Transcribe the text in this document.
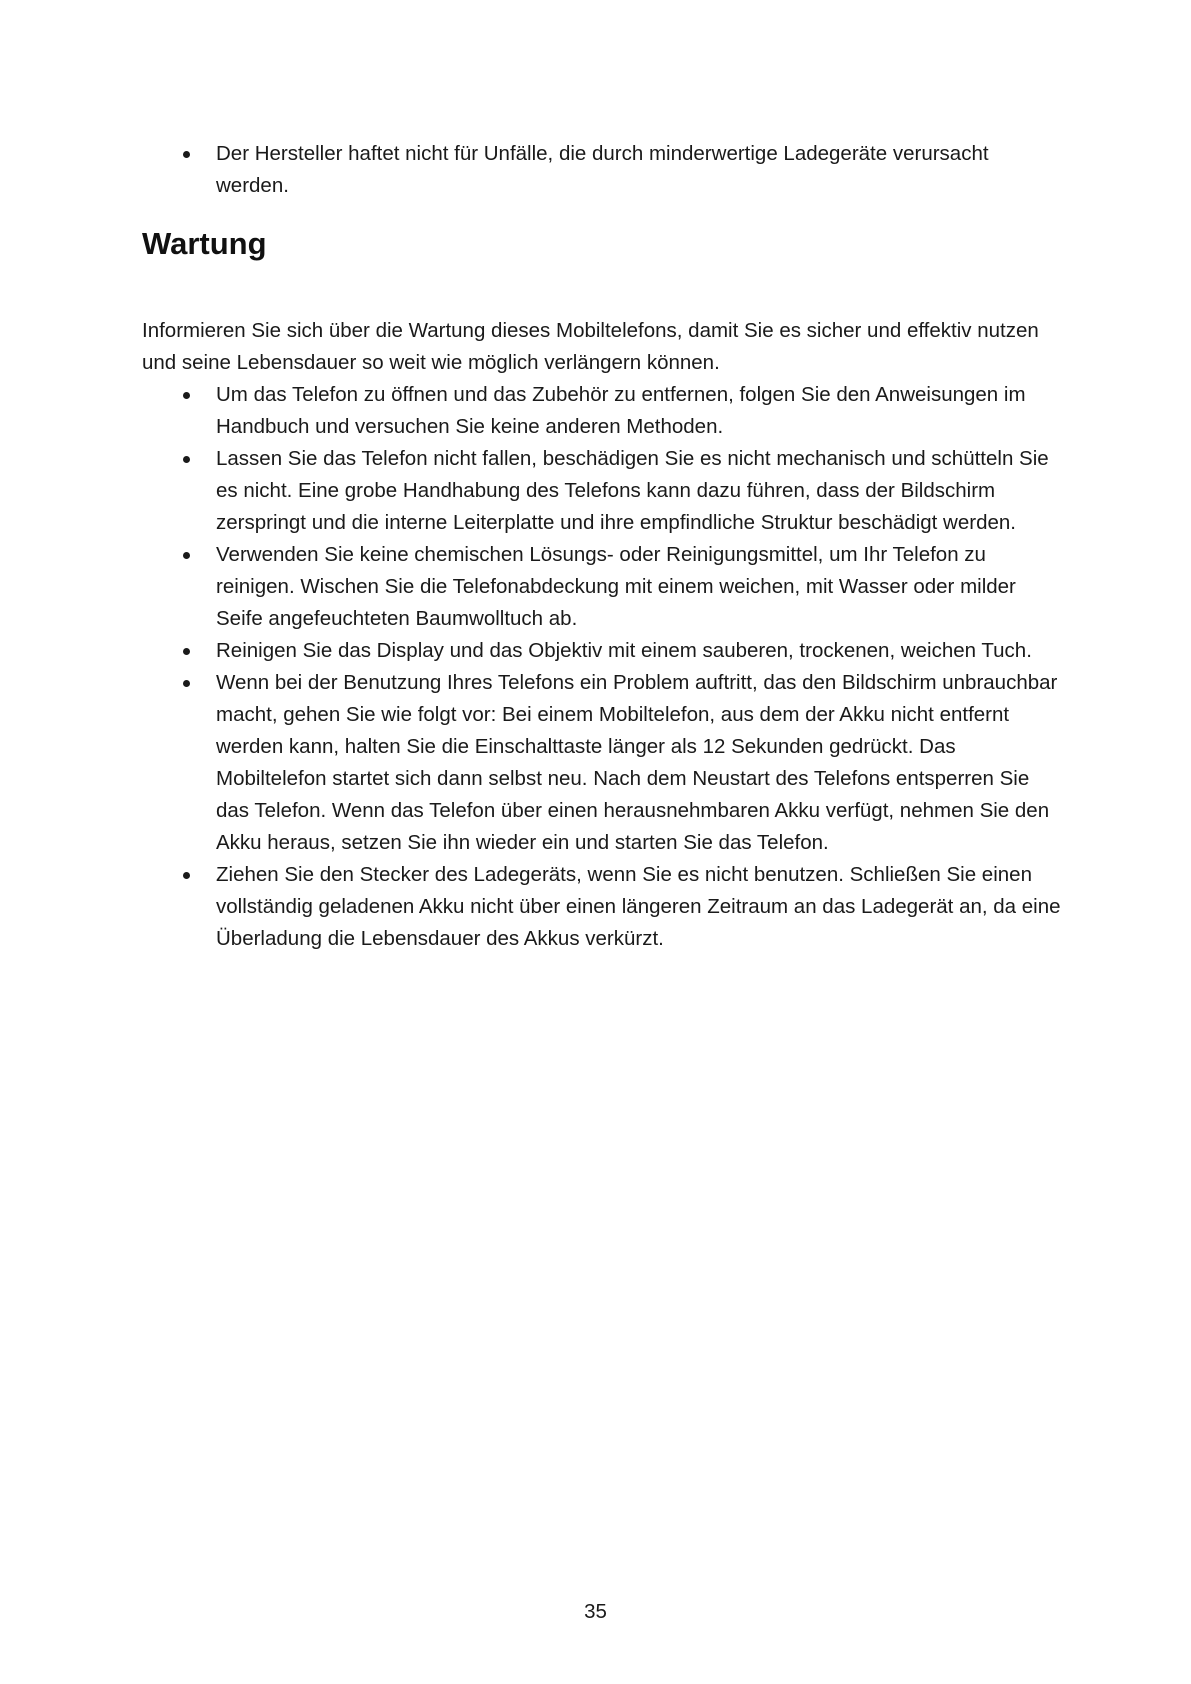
Der Hersteller haftet nicht für Unfälle, die durch minderwertige Ladegeräte verursacht werden.
Wartung

Informieren Sie sich über die Wartung dieses Mobiltelefons, damit Sie es sicher und effektiv nutzen und seine Lebensdauer so weit wie möglich verlängern können.

Um das Telefon zu öffnen und das Zubehör zu entfernen, folgen Sie den Anweisungen im Handbuch und versuchen Sie keine anderen Methoden.
Lassen Sie das Telefon nicht fallen, beschädigen Sie es nicht mechanisch und schütteln Sie es nicht. Eine grobe Handhabung des Telefons kann dazu führen, dass der Bildschirm zerspringt und die interne Leiterplatte und ihre empfindliche Struktur beschädigt werden.
Verwenden Sie keine chemischen Lösungs- oder Reinigungsmittel, um Ihr Telefon zu reinigen. Wischen Sie die Telefonabdeckung mit einem weichen, mit Wasser oder milder Seife angefeuchteten Baumwolltuch ab.
Reinigen Sie das Display und das Objektiv mit einem sauberen, trockenen, weichen Tuch.
Wenn bei der Benutzung Ihres Telefons ein Problem auftritt, das den Bildschirm unbrauchbar macht, gehen Sie wie folgt vor: Bei einem Mobiltelefon, aus dem der Akku nicht entfernt werden kann, halten Sie die Einschalttaste länger als 12 Sekunden gedrückt. Das Mobiltelefon startet sich dann selbst neu. Nach dem Neustart des Telefons entsperren Sie das Telefon. Wenn das Telefon über einen herausnehmbaren Akku verfügt, nehmen Sie den Akku heraus, setzen Sie ihn wieder ein und starten Sie das Telefon.
Ziehen Sie den Stecker des Ladegeräts, wenn Sie es nicht benutzen. Schließen Sie einen vollständig geladenen Akku nicht über einen längeren Zeitraum an das Ladegerät an, da eine Überladung die Lebensdauer des Akkus verkürzt.
35
